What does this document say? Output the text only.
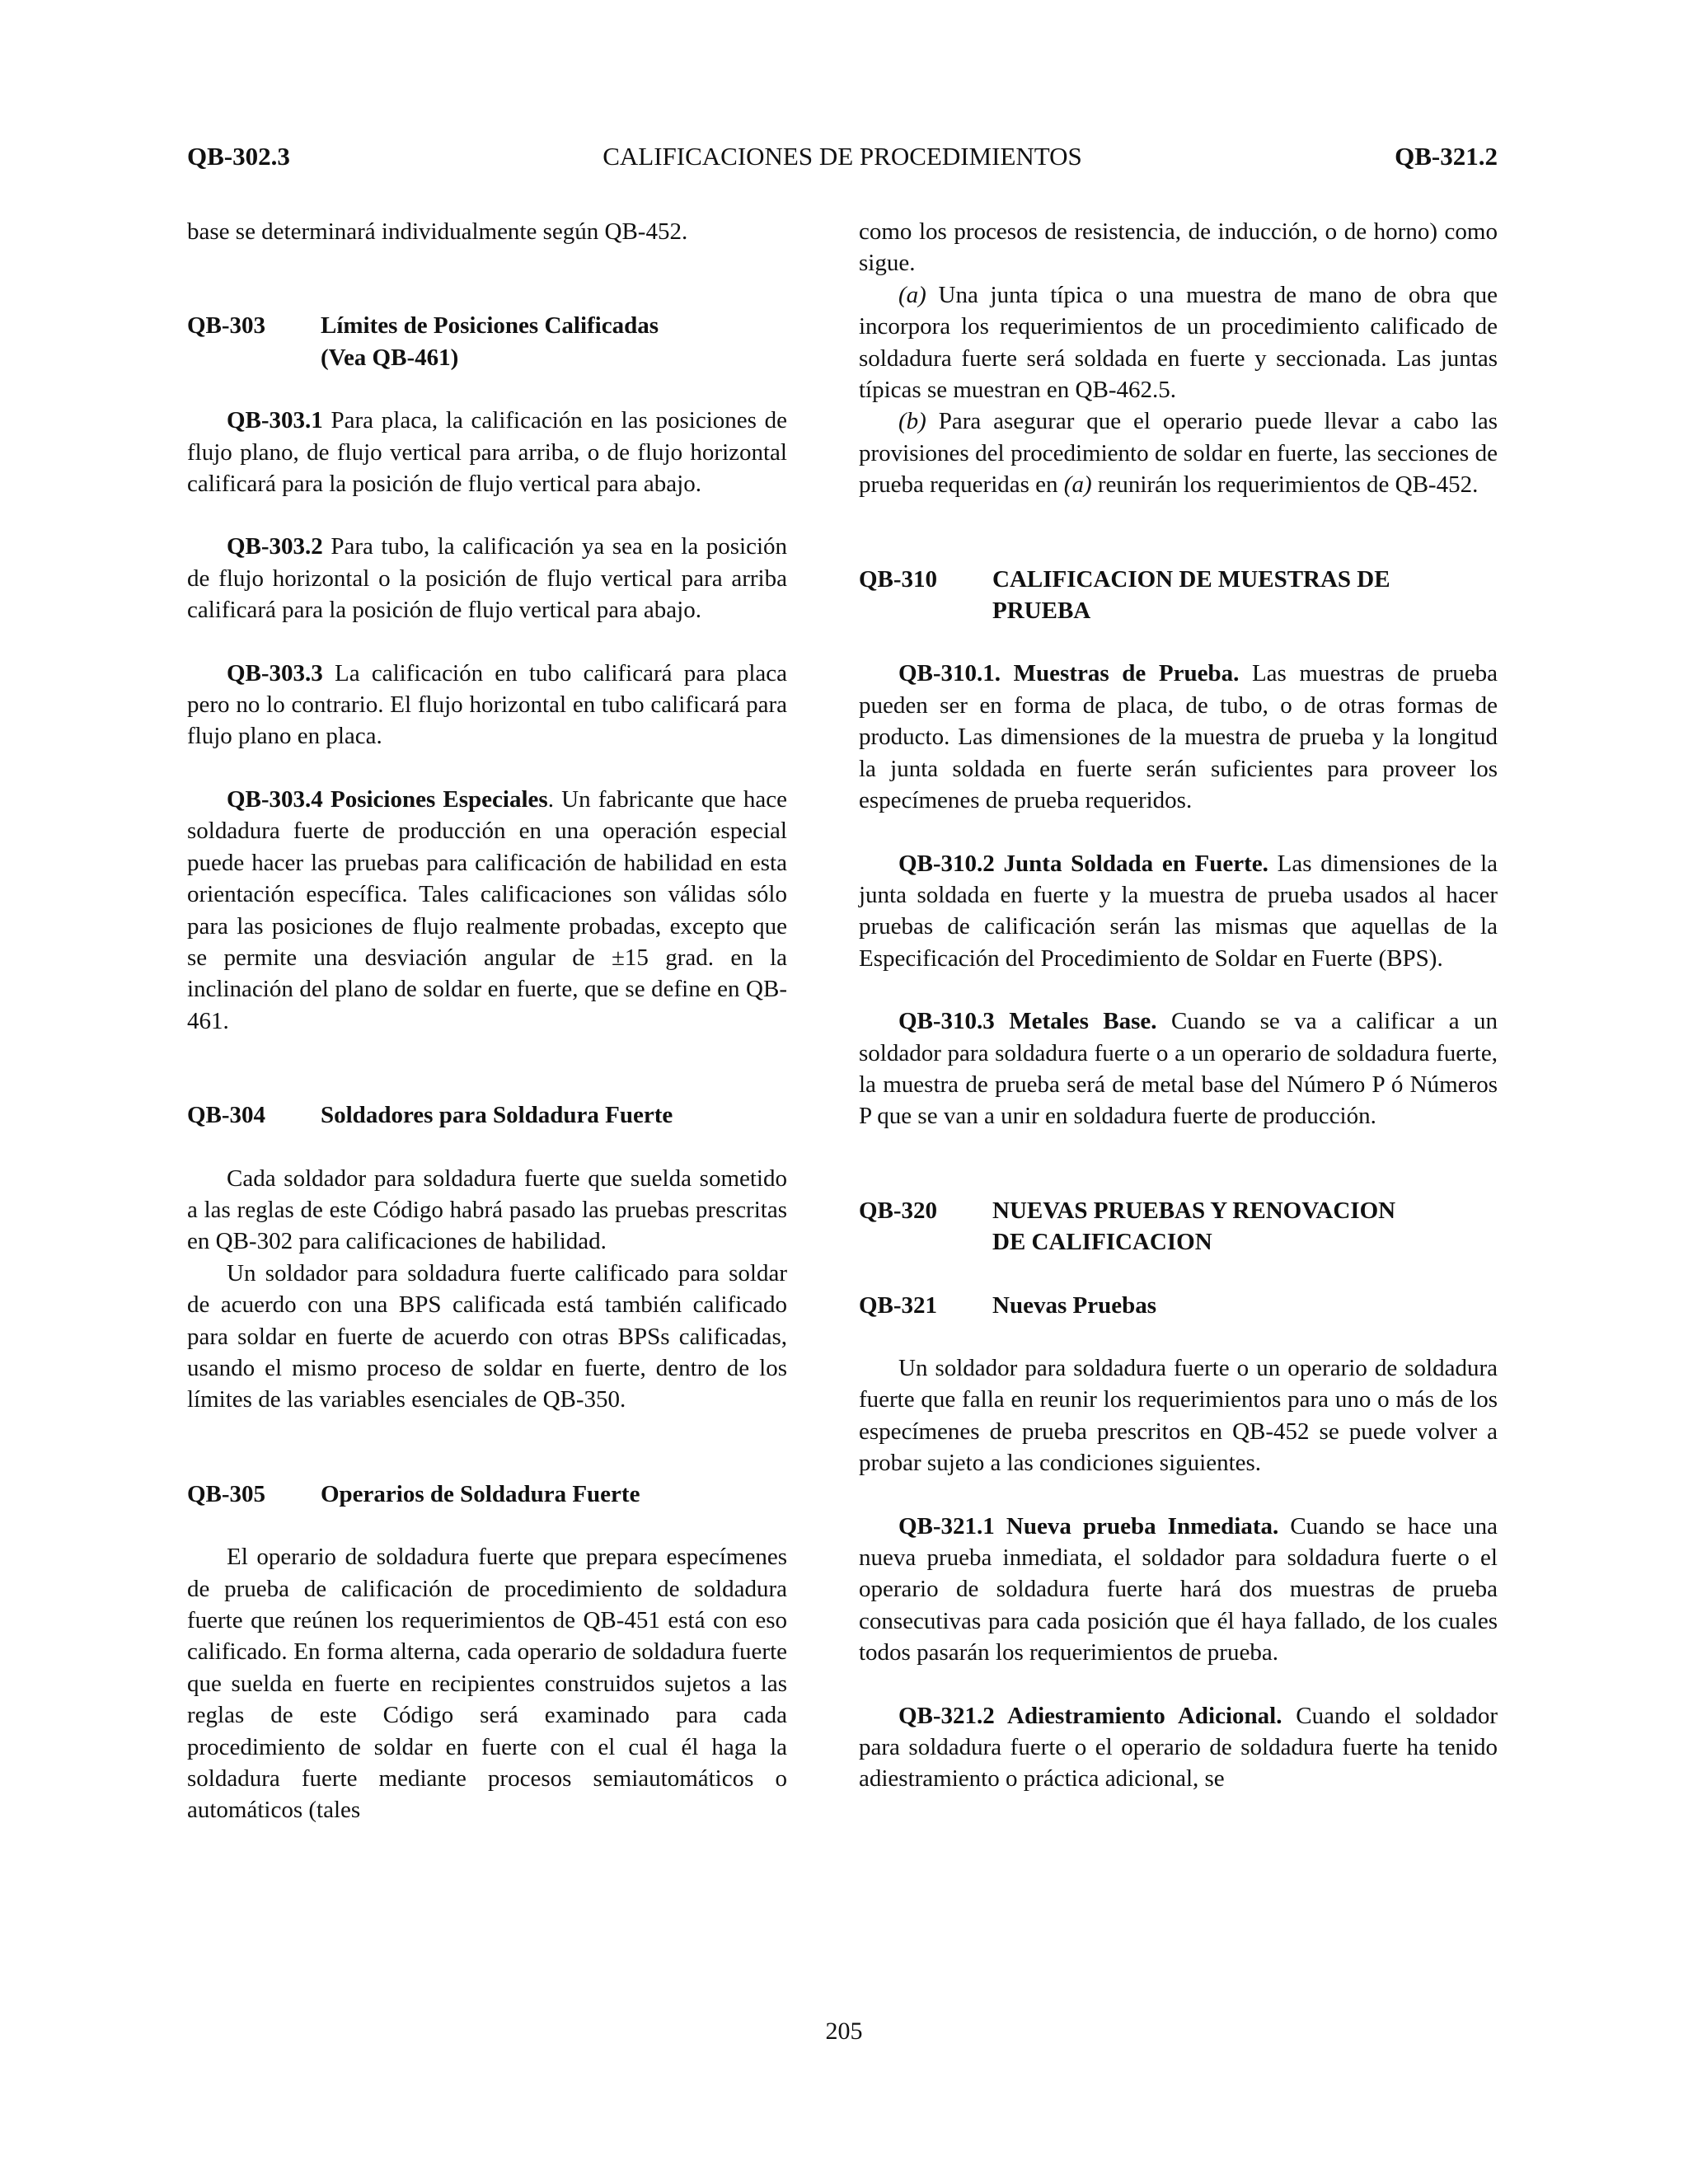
QB-302.3	CALIFICACIONES DE PROCEDIMIENTOS	QB-321.2

base se determinará individualmente según QB-452.

QB-303	Límites de Posiciones Calificadas
(Vea QB-461)

QB-303.1 Para placa, la calificación en las posiciones de flujo plano, de flujo vertical para arriba, o de flujo horizontal calificará para la posición de flujo vertical para abajo.

QB-303.2 Para tubo, la calificación ya sea en la posición de flujo horizontal o la posición de flujo vertical para arriba calificará para la posición de flujo vertical para abajo.

QB-303.3 La calificación en tubo calificará para placa pero no lo contrario. El flujo horizontal en tubo calificará para flujo plano en placa.

QB-303.4 Posiciones Especiales. Un fabricante que hace soldadura fuerte de producción en una operación especial puede hacer las pruebas para calificación de habilidad en esta orientación específica. Tales calificaciones son válidas sólo para las posiciones de flujo realmente probadas, excepto que se permite una desviación angular de ±15 grad. en la inclinación del plano de soldar en fuerte, que se define en QB-461.

QB-304	Soldadores para Soldadura Fuerte

Cada soldador para soldadura fuerte que suelda sometido a las reglas de este Código habrá pasado las pruebas prescritas en QB-302 para calificaciones de habilidad.

Un soldador para soldadura fuerte calificado para soldar de acuerdo con una BPS calificada está también calificado para soldar en fuerte de acuerdo con otras BPSs calificadas, usando el mismo proceso de soldar en fuerte, dentro de los límites de las variables esenciales de QB-350.

QB-305	Operarios de Soldadura Fuerte

El operario de soldadura fuerte que prepara especímenes de prueba de calificación de procedimiento de soldadura fuerte que reúnen los requerimientos de QB-451 está con eso calificado. En forma alterna, cada operario de soldadura fuerte que suelda en fuerte en recipientes construidos sujetos a las reglas de este Código será examinado para cada procedimiento de soldar en fuerte con el cual él haga la soldadura fuerte mediante procesos semiautomáticos o automáticos (tales

como los procesos de resistencia, de inducción, o de horno) como sigue.

(a) Una junta típica o una muestra de mano de obra que incorpora los requerimientos de un procedimiento calificado de soldadura fuerte será soldada en fuerte y seccionada. Las juntas típicas se muestran en QB-462.5.

(b) Para asegurar que el operario puede llevar a cabo las provisiones del procedimiento de soldar en fuerte, las secciones de prueba requeridas en (a) reunirán los requerimientos de QB-452.

QB-310	CALIFICACION DE MUESTRAS DE
PRUEBA

QB-310.1. Muestras de Prueba. Las muestras de prueba pueden ser en forma de placa, de tubo, o de otras formas de producto. Las dimensiones de la muestra de prueba y la longitud la junta soldada en fuerte serán suficientes para proveer los especímenes de prueba requeridos.

QB-310.2 Junta Soldada en Fuerte. Las dimensiones de la junta soldada en fuerte y la muestra de prueba usados al hacer pruebas de calificación serán las mismas que aquellas de la Especificación del Procedimiento de Soldar en Fuerte (BPS).

QB-310.3 Metales Base. Cuando se va a calificar a un soldador para soldadura fuerte o a un operario de soldadura fuerte, la muestra de prueba será de metal base del Número P ó Números P que se van a unir en soldadura fuerte de producción.

QB-320	NUEVAS PRUEBAS Y RENOVACION
DE CALIFICACION
QB-321	Nuevas Pruebas

Un soldador para soldadura fuerte o un operario de soldadura fuerte que falla en reunir los requerimientos para uno o más de los especímenes de prueba prescritos en QB-452 se puede volver a probar sujeto a las condiciones siguientes.

QB-321.1 Nueva prueba Inmediata. Cuando se hace una nueva prueba inmediata, el soldador para soldadura fuerte o el operario de soldadura fuerte hará dos muestras de prueba consecutivas para cada posición que él haya fallado, de los cuales todos pasarán los requerimientos de prueba.

QB-321.2 Adiestramiento Adicional. Cuando el soldador para soldadura fuerte o el operario de soldadura fuerte ha tenido adiestramiento o práctica adicional, se

205
